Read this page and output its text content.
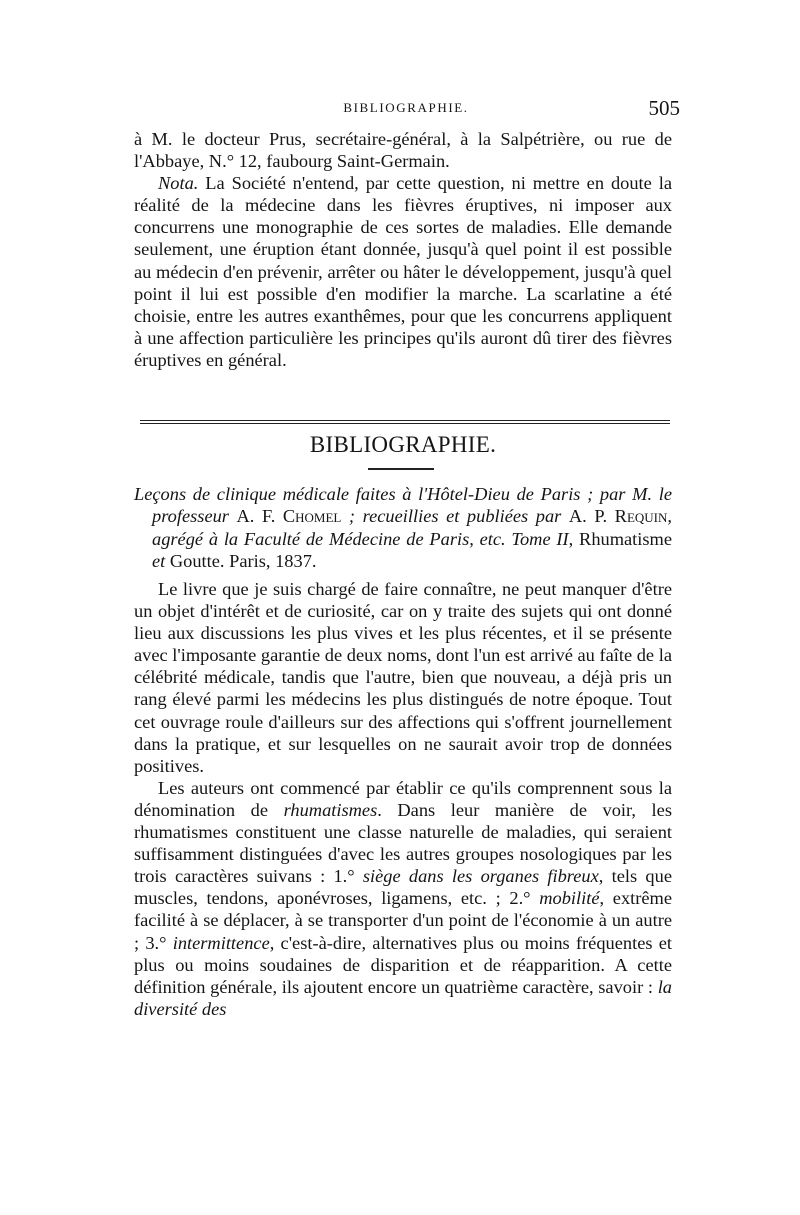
BIBLIOGRAPHIE.	505

à M. le docteur Prus, secrétaire-général, à la Salpétrière, ou rue de l'Abbaye, N.° 12, faubourg Saint-Germain.

Nota. La Société n'entend, par cette question, ni mettre en doute la réalité de la médecine dans les fièvres éruptives, ni imposer aux concurrens une monographie de ces sortes de maladies. Elle demande seulement, une éruption étant donnée, jusqu'à quel point il est possible au médecin d'en prévenir, arrêter ou hâter le développement, jusqu'à quel point il lui est possible d'en modifier la marche. La scarlatine a été choisie, entre les autres exanthêmes, pour que les concurrens appliquent à une affection particulière les principes qu'ils auront dû tirer des fièvres éruptives en général.

BIBLIOGRAPHIE.
Leçons de clinique médicale faites à l'Hôtel-Dieu de Paris ; par M. le professeur A. F. Chomel ; recueillies et publiées par A. P. Requin, agrégé à la Faculté de Médecine de Paris, etc. Tome II, Rhumatisme et Goutte. Paris, 1837.

Le livre que je suis chargé de faire connaître, ne peut manquer d'être un objet d'intérêt et de curiosité, car on y traite des sujets qui ont donné lieu aux discussions les plus vives et les plus récentes, et il se présente avec l'imposante garantie de deux noms, dont l'un est arrivé au faîte de la célébrité médicale, tandis que l'autre, bien que nouveau, a déjà pris un rang élevé parmi les médecins les plus distingués de notre époque. Tout cet ouvrage roule d'ailleurs sur des affections qui s'offrent journellement dans la pratique, et sur lesquelles on ne saurait avoir trop de données positives.

Les auteurs ont commencé par établir ce qu'ils comprennent sous la dénomination de rhumatismes. Dans leur manière de voir, les rhumatismes constituent une classe naturelle de maladies, qui seraient suffisamment distinguées d'avec les autres groupes nosologiques par les trois caractères suivans : 1.° siège dans les organes fibreux, tels que muscles, tendons, aponévroses, ligamens, etc. ; 2.° mobilité, extrême facilité à se déplacer, à se transporter d'un point de l'économie à un autre ; 3.° intermittence, c'est-à-dire, alternatives plus ou moins fréquentes et plus ou moins soudaines de disparition et de réapparition. A cette définition générale, ils ajoutent encore un quatrième caractère, savoir : la diversité des
